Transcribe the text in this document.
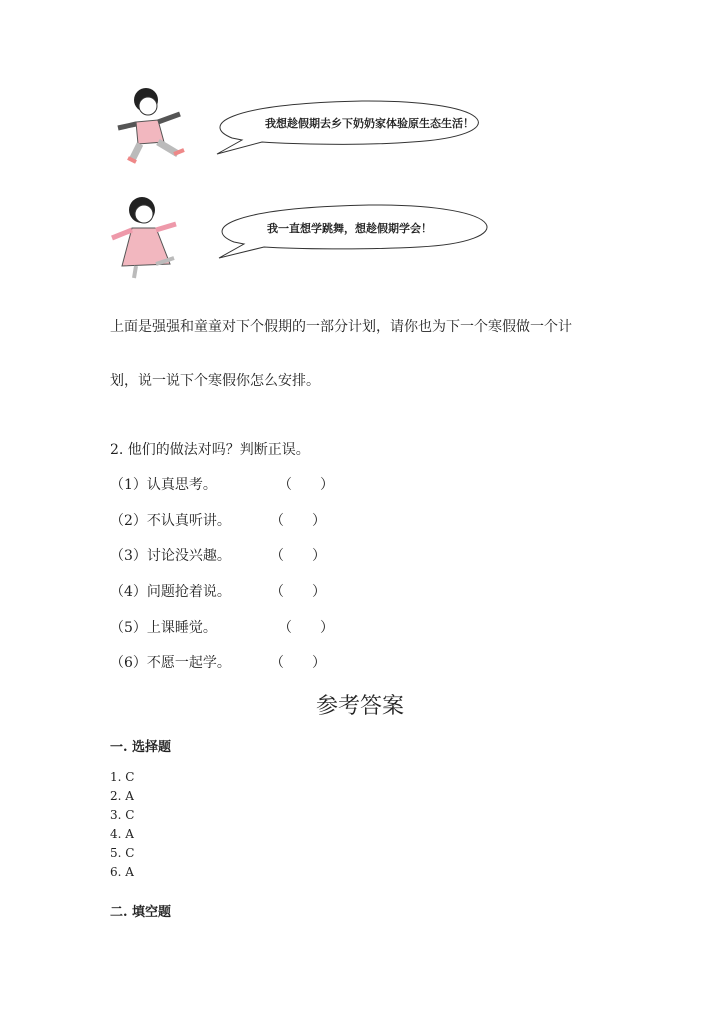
我想趁假期去乡下奶奶家体验原生态生活！
我一直想学跳舞，想趁假期学会！
上面是强强和童童对下个假期的一部分计划，请你也为下一个寒假做一个计
划，说一说下个寒假你怎么安排。
2. 他们的做法对吗？判断正误。
（1）认真思考。	（　　）
（2）不认真听讲。	（　　）
（3）讨论没兴趣。	（　　）
（4）问题抢着说。	（　　）
（5）上课睡觉。	（　　）
（6）不愿一起学。	（　　）
参考答案
一. 选择题
1. C
2. A
3. C
4. A
5. C
6. A
二. 填空题
